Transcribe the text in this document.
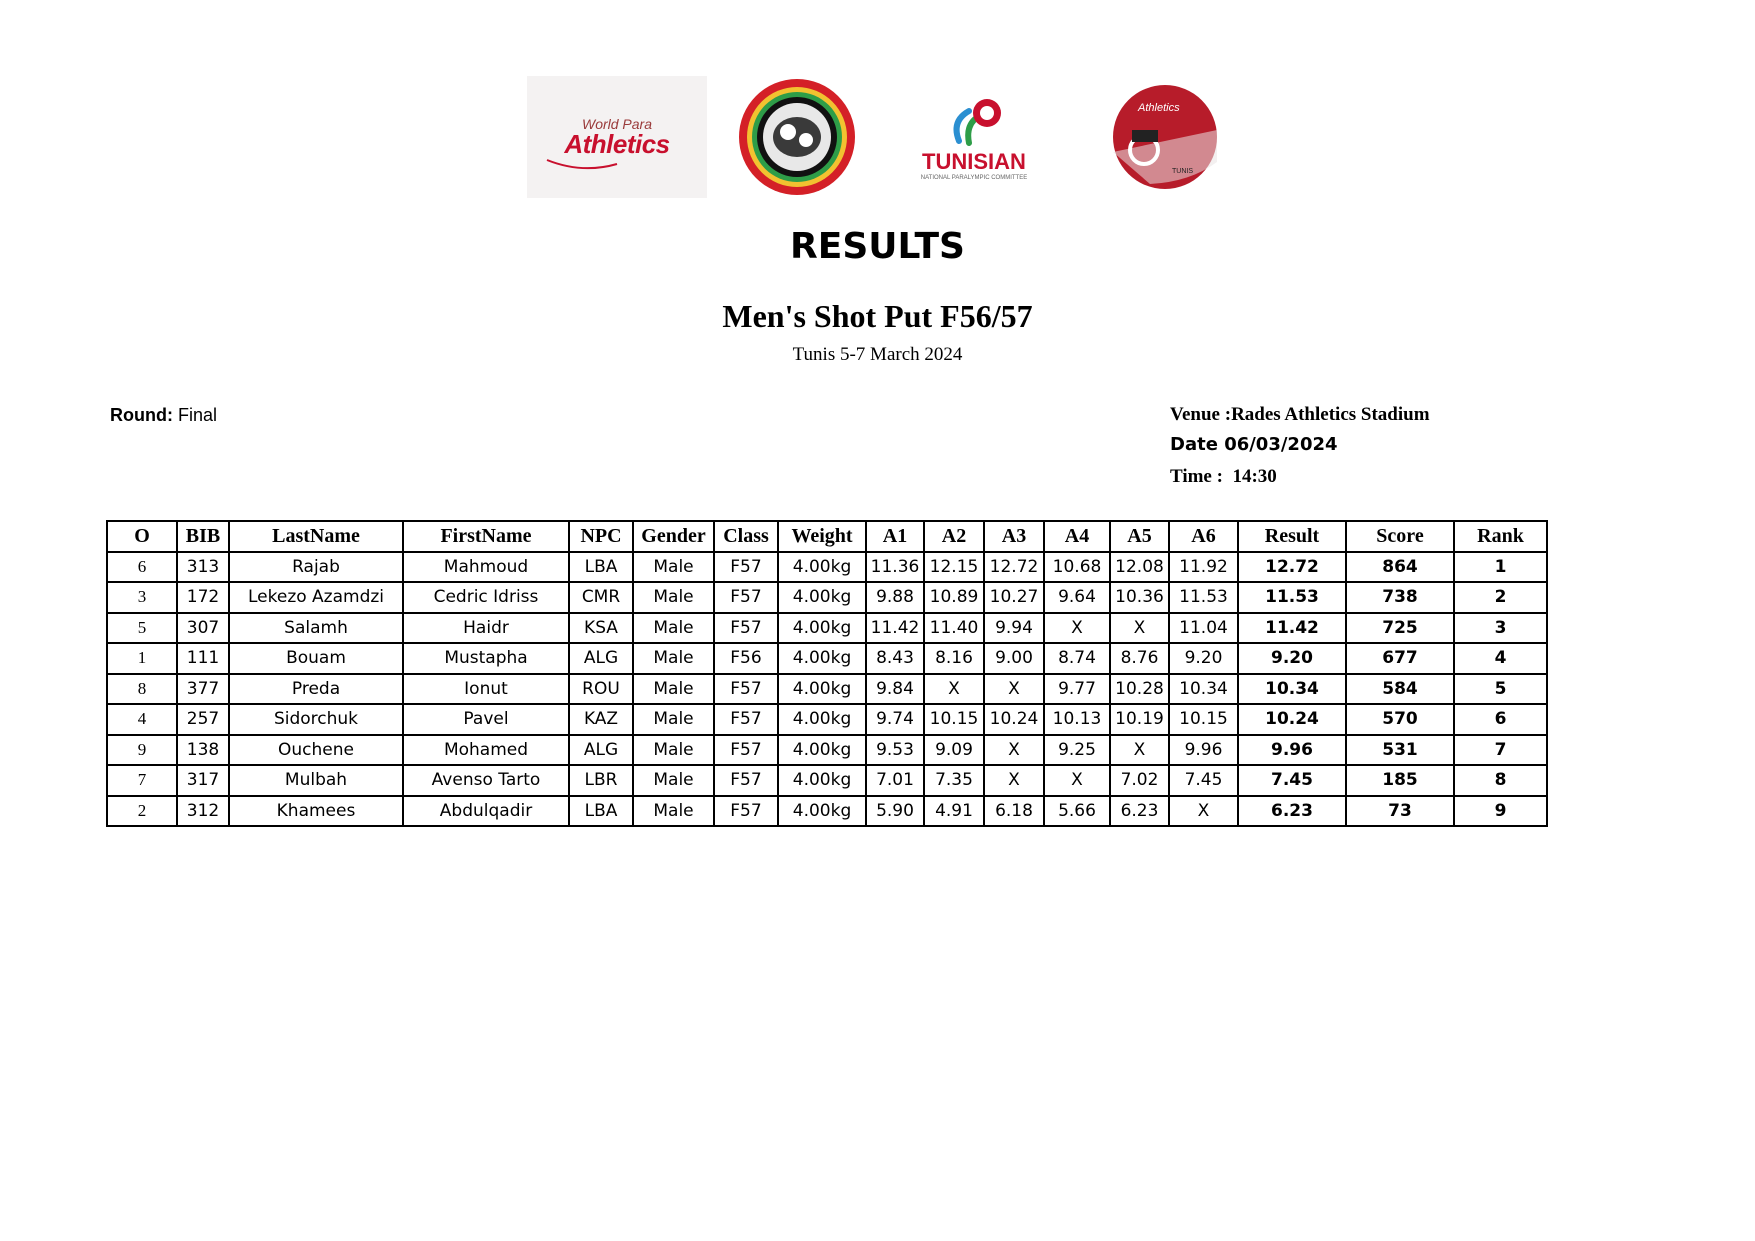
World Para
Athletics
TUNISIAN
NATIONAL PARALYMPIC COMMITTEE
Athletics
TUNIS
RESULTS
Men's Shot Put F56/57
Tunis 5-7 March 2024
Round: Final	Venue :Rades Athletics Stadium
Date 06/03/2024
Time : 14:30
O	BIB	LastName	FirstName	NPC	Gender	Class	Weight	A1	A2	A3	A4	A5	A6	Result	Score	Rank
6	313	Rajab	Mahmoud	LBA	Male	F57	4.00kg	11.36	12.15	12.72	10.68	12.08	11.92	12.72	864	1
3	172	Lekezo Azamdzi	Cedric Idriss	CMR	Male	F57	4.00kg	9.88	10.89	10.27	9.64	10.36	11.53	11.53	738	2
5	307	Salamh	Haidr	KSA	Male	F57	4.00kg	11.42	11.40	9.94	X	X	11.04	11.42	725	3
1	111	Bouam	Mustapha	ALG	Male	F56	4.00kg	8.43	8.16	9.00	8.74	8.76	9.20	9.20	677	4
8	377	Preda	Ionut	ROU	Male	F57	4.00kg	9.84	X	X	9.77	10.28	10.34	10.34	584	5
4	257	Sidorchuk	Pavel	KAZ	Male	F57	4.00kg	9.74	10.15	10.24	10.13	10.19	10.15	10.24	570	6
9	138	Ouchene	Mohamed	ALG	Male	F57	4.00kg	9.53	9.09	X	9.25	X	9.96	9.96	531	7
7	317	Mulbah	Avenso Tarto	LBR	Male	F57	4.00kg	7.01	7.35	X	X	7.02	7.45	7.45	185	8
2	312	Khamees	Abdulqadir	LBA	Male	F57	4.00kg	5.90	4.91	6.18	5.66	6.23	X	6.23	73	9
